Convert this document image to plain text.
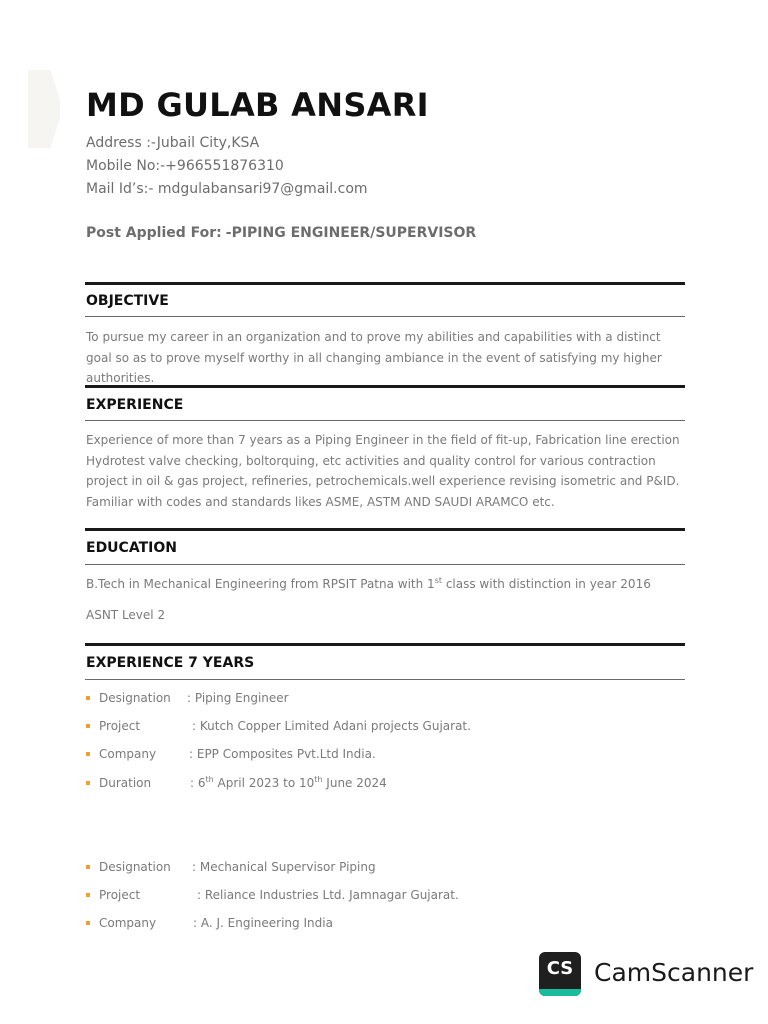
MD GULAB ANSARI
Address :-Jubail City,KSA
Mobile No:-+966551876310
Mail Id’s:- mdgulabansari97@gmail.com
Post Applied For: -PIPING ENGINEER/SUPERVISOR
OBJECTIVE

To pursue my career in an organization and to prove my abilities and capabilities with a distinct goal so as to prove myself worthy in all changing ambiance in the event of satisfying my higher authorities.

EXPERIENCE

Experience of more than 7 years as a Piping Engineer in the field of fit-up, Fabrication line erection Hydrotest valve checking, boltorquing, etc activities and quality control for various contraction project in oil & gas project, refineries, petrochemicals.well experience revising isometric and P&ID. Familiar with codes and standards likes ASME, ASTM AND SAUDI ARAMCO etc.

EDUCATION
B.Tech in Mechanical Engineering from RPSIT Patna with 1st class with distinction in year 2016
ASNT Level 2
EXPERIENCE 7 YEARS
Designation : Piping Engineer
Project	: Kutch Copper Limited Adani projects Gujarat.
Company	: EPP Composites Pvt.Ltd India.
Duration	: 6th April 2023 to 10th June 2024
Designation : Mechanical Supervisor Piping
Project	: Reliance Industries Ltd. Jamnagar Gujarat.
Company	: A. J. Engineering India
CS CamScanner
